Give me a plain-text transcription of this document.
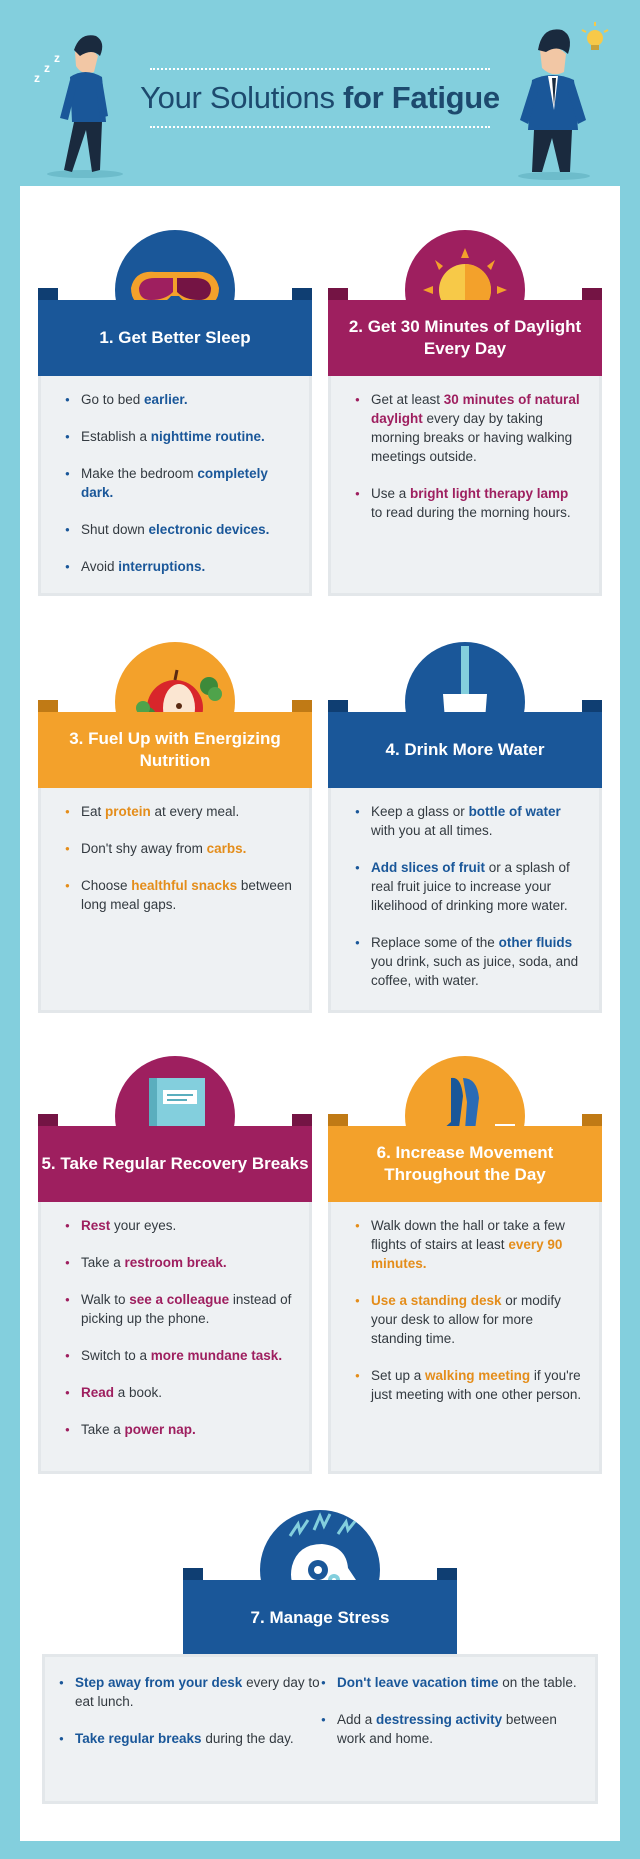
z
z
z
Your Solutions for Fatigue
1. Get Better Sleep
● Go to bed earlier.
● Establish a nighttime routine.
● Make the bedroom completely dark.
● Shut down electronic devices.
● Avoid interruptions.
2. Get 30 Minutes of Daylight Every Day
● Get at least 30 minutes of natural daylight every day by taking morning breaks or having walking meetings outside.
● Use a bright light therapy lamp to read during the morning hours.
3. Fuel Up with Energizing Nutrition
● Eat protein at every meal.
● Don't shy away from carbs.
● Choose healthful snacks between long meal gaps.
4. Drink More Water
● Keep a glass or bottle of water with you at all times.
● Add slices of fruit or a splash of real fruit juice to increase your likelihood of drinking more water.
● Replace some of the other fluids you drink, such as juice, soda, and coffee, with water.
5. Take Regular Recovery Breaks
● Rest your eyes.
● Take a restroom break.
● Walk to see a colleague instead of picking up the phone.
● Switch to a more mundane task.
● Read a book.
● Take a power nap.
6. Increase Movement Throughout the Day
● Walk down the hall or take a few flights of stairs at least every 90 minutes.
● Use a standing desk or modify your desk to allow for more standing time.
● Set up a walking meeting if you're just meeting with one other person.
7. Manage Stress
● Step away from your desk every day to eat lunch.
● Take regular breaks during the day.
● Don't leave vacation time on the table.
● Add a destressing activity between work and home.
